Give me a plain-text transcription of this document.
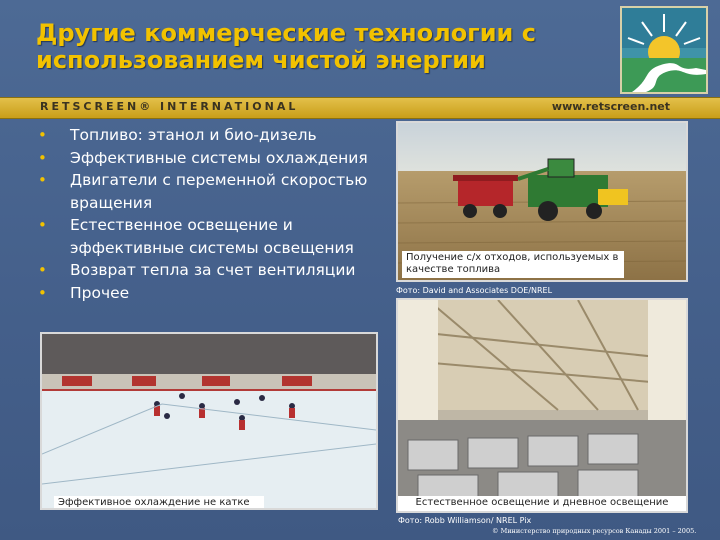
Другие коммерческие технологии с
использованием чистой энергии
RETSCREEN® INTERNATIONAL	www.retscreen.net
• Топливо: этанол и био-дизель
• Эффективные системы охлаждения
• Двигатели с переменной скоростью вращения
• Естественное освещение и эффективные системы освещения
• Возврат тепла за счет вентиляции
• Прочее
Получение с/х отходов, используемых в качестве топлива
Фото: David and Associates DOE/NREL
Эффективное охлаждение не катке	Естественное освещение и дневное освещение
Фото: Robb Williamson/ NREL Pix
© Министерство природных ресурсов Канады 2001 – 2005.
